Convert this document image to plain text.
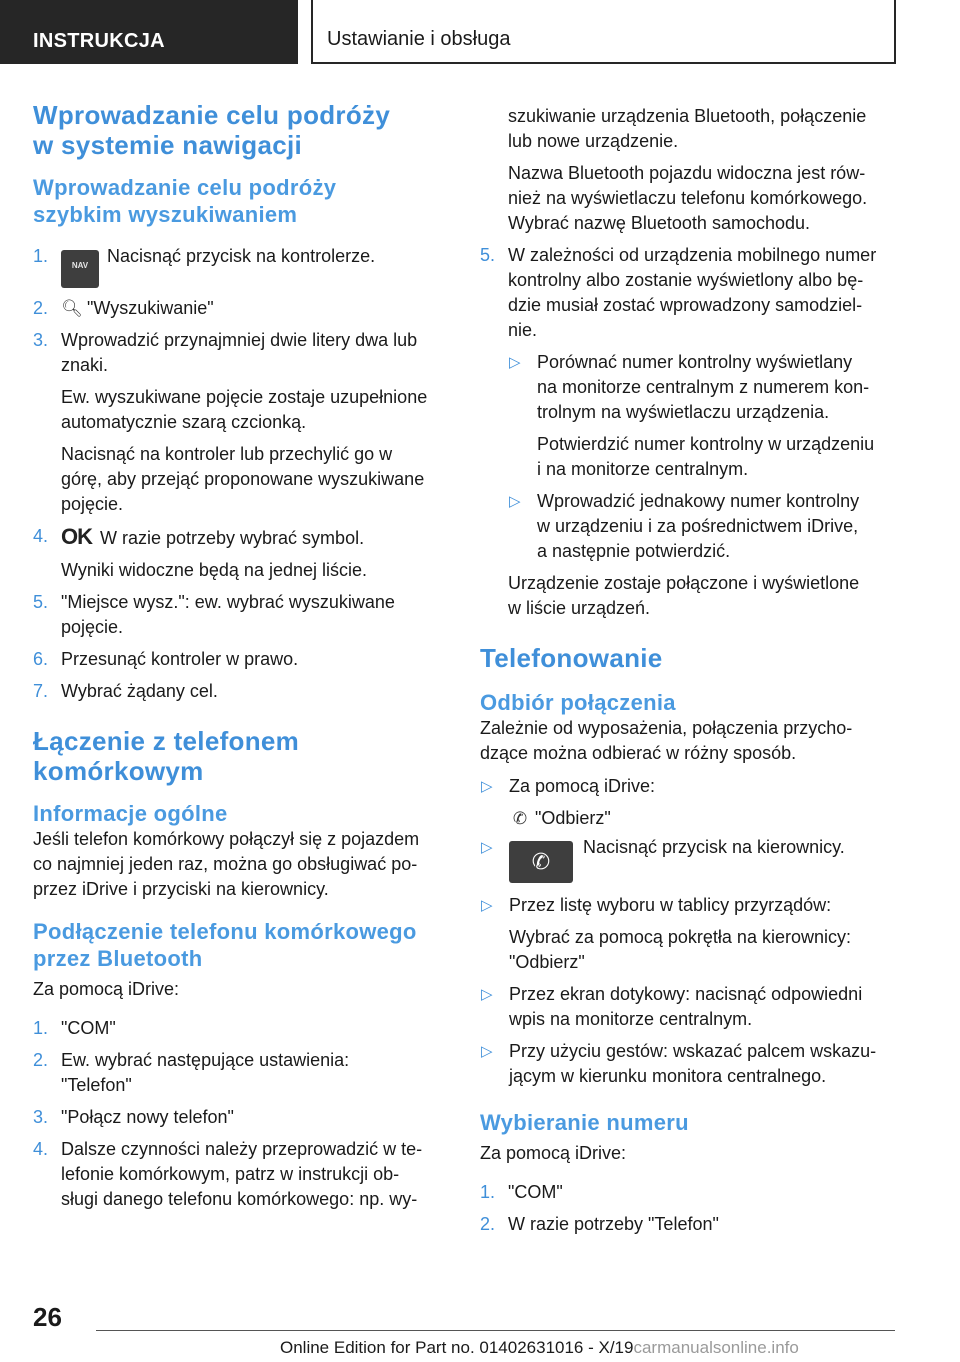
INSTRUKCJA	Ustawianie i obsługa
Wprowadzanie celu podróży
w systemie nawigacji
Wprowadzanie celu podróży
szybkim wyszukiwaniem
1.	NAV Nacisnąć przycisk na kontrolerze.
2. 🔍︎ "Wyszukiwanie"
3. Wprowadzić przynajmniej dwie litery dwa lub

znaki.

Ew. wyszukiwane pojęcie zostaje uzupełnione

automatycznie szarą czcionką.

Nacisnąć na kontroler lub przechylić go w

górę, aby przejąć proponowane wyszukiwane

pojęcie.

4. OK W razie potrzeby wybrać symbol.

Wyniki widoczne będą na jednej liście.

5. "Miejsce wysz.": ew. wybrać wyszukiwane

pojęcie.

6. Przesunąć kontroler w prawo.

7. Wybrać żądany cel.

Łączenie z telefonem
komórkowym
Informacje ogólne

Jeśli telefon komórkowy połączył się z pojazdem

co najmniej jeden raz, można go obsługiwać po-

przez iDrive i przyciski na kierownicy.

Podłączenie telefonu komórkowego
przez Bluetooth

Za pomocą iDrive:

1. "COM"

2. Ew. wybrać następujące ustawienia:

"Telefon"

3. "Połącz nowy telefon"

4. Dalsze czynności należy przeprowadzić w te-

lefonie komórkowym, patrz w instrukcji ob-

sługi danego telefonu komórkowego: np. wy-

szukiwanie urządzenia Bluetooth, połączenie

lub nowe urządzenie.

Nazwa Bluetooth pojazdu widoczna jest rów-

nież na wyświetlaczu telefonu komórkowego.

Wybrać nazwę Bluetooth samochodu.

5. W zależności od urządzenia mobilnego numer

kontrolny albo zostanie wyświetlony albo bę-

dzie musiał zostać wprowadzony samodziel-

nie.

▷ Porównać numer kontrolny wyświetlany

na monitorze centralnym z numerem kon-

trolnym na wyświetlaczu urządzenia.

Potwierdzić numer kontrolny w urządzeniu

i na monitorze centralnym.

▷ Wprowadzić jednakowy numer kontrolny

w urządzeniu i za pośrednictwem iDrive,

a następnie potwierdzić.

Urządzenie zostaje połączone i wyświetlone

w liście urządzeń.

Telefonowanie
Odbiór połączenia

Zależnie od wyposażenia, połączenia przycho-

dzące można odbierać w różny sposób.

▷ Za pomocą iDrive:

✆ "Odbierz"

▷

✆Nacisnąć przycisk na kierownicy.

▷ Przez listę wyboru w tablicy przyrządów:

Wybrać za pomocą pokrętła na kierownicy:

"Odbierz"

▷ Przez ekran dotykowy: nacisnąć odpowiedni

wpis na monitorze centralnym.

▷ Przy użyciu gestów: wskazać palcem wskazu-

jącym w kierunku monitora centralnego.

Wybieranie numeru

Za pomocą iDrive:

1. "COM"

2. W razie potrzeby "Telefon"

26
Online Edition for Part no. 01402631016 - X/19carmanualsonline.info
